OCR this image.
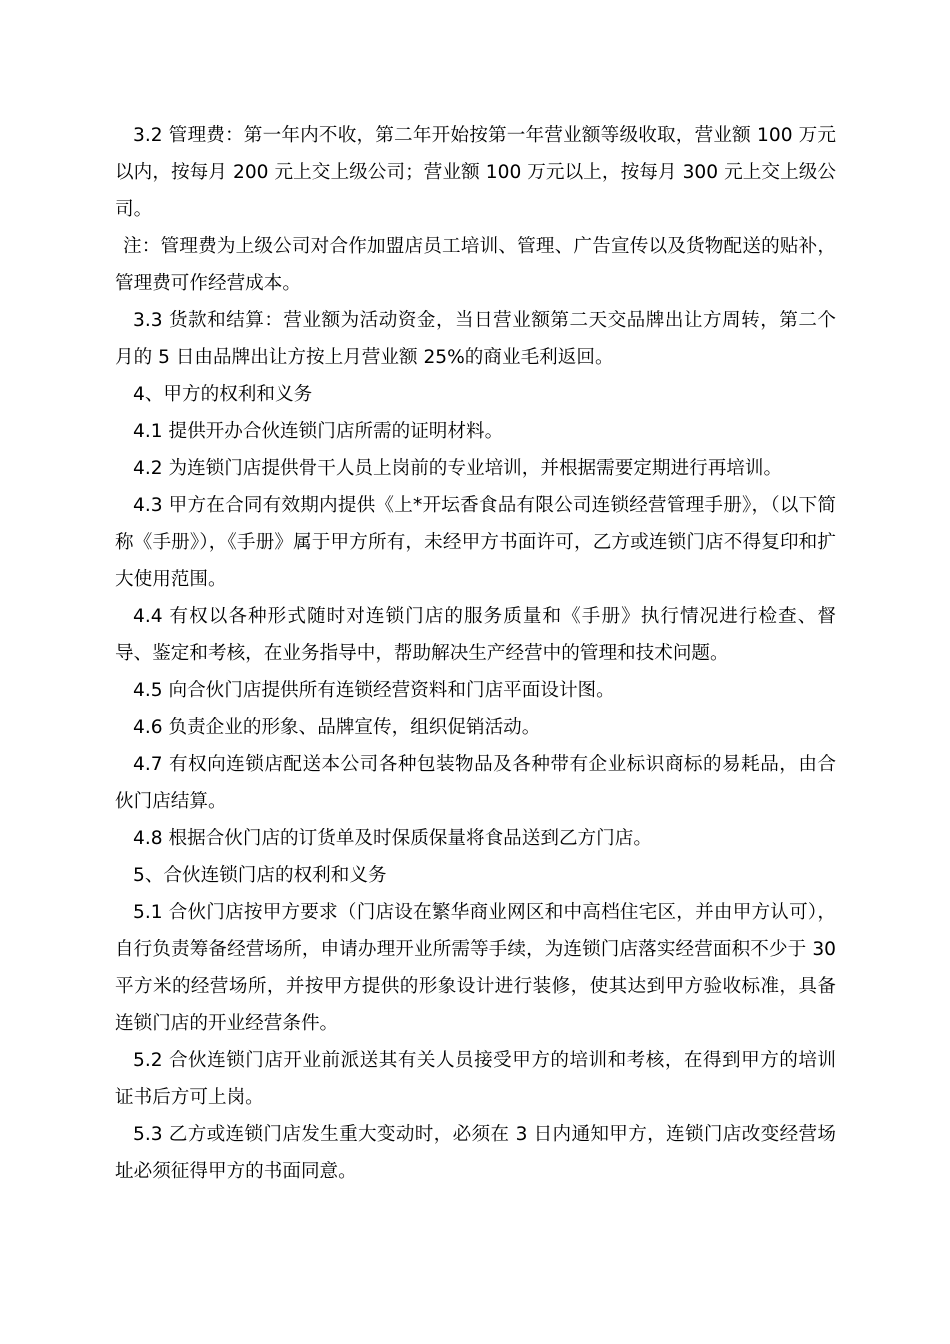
3.2 管理费：第一年内不收，第二年开始按第一年营业额等级收取，营业额 100 万元以内，按每月 200 元上交上级公司；营业额 100 万元以上，按每月 300 元上交上级公司。

注：管理费为上级公司对合作加盟店员工培训、管理、广告宣传以及货物配送的贴补，管理费可作经营成本。

3.3 货款和结算：营业额为活动资金，当日营业额第二天交品牌出让方周转，第二个月的 5 日由品牌出让方按上月营业额 25%的商业毛利返回。

4、甲方的权利和义务

4.1 提供开办合伙连锁门店所需的证明材料。

4.2 为连锁门店提供骨干人员上岗前的专业培训，并根据需要定期进行再培训。

4.3 甲方在合同有效期内提供《上*开坛香食品有限公司连锁经营管理手册》，（以下简称《手册》），《手册》属于甲方所有，未经甲方书面许可，乙方或连锁门店不得复印和扩大使用范围。

4.4 有权以各种形式随时对连锁门店的服务质量和《手册》执行情况进行检查、督导、鉴定和考核，在业务指导中，帮助解决生产经营中的管理和技术问题。

4.5 向合伙门店提供所有连锁经营资料和门店平面设计图。

4.6 负责企业的形象、品牌宣传，组织促销活动。

4.7 有权向连锁店配送本公司各种包装物品及各种带有企业标识商标的易耗品，由合伙门店结算。

4.8 根据合伙门店的订货单及时保质保量将食品送到乙方门店。

5、合伙连锁门店的权利和义务

5.1 合伙门店按甲方要求（门店设在繁华商业网区和中高档住宅区，并由甲方认可），自行负责筹备经营场所，申请办理开业所需等手续，为连锁门店落实经营面积不少于 30 平方米的经营场所，并按甲方提供的形象设计进行装修，使其达到甲方验收标准，具备连锁门店的开业经营条件。

5.2 合伙连锁门店开业前派送其有关人员接受甲方的培训和考核，在得到甲方的培训证书后方可上岗。

5.3 乙方或连锁门店发生重大变动时，必须在 3 日内通知甲方，连锁门店改变经营场址必须征得甲方的书面同意。
